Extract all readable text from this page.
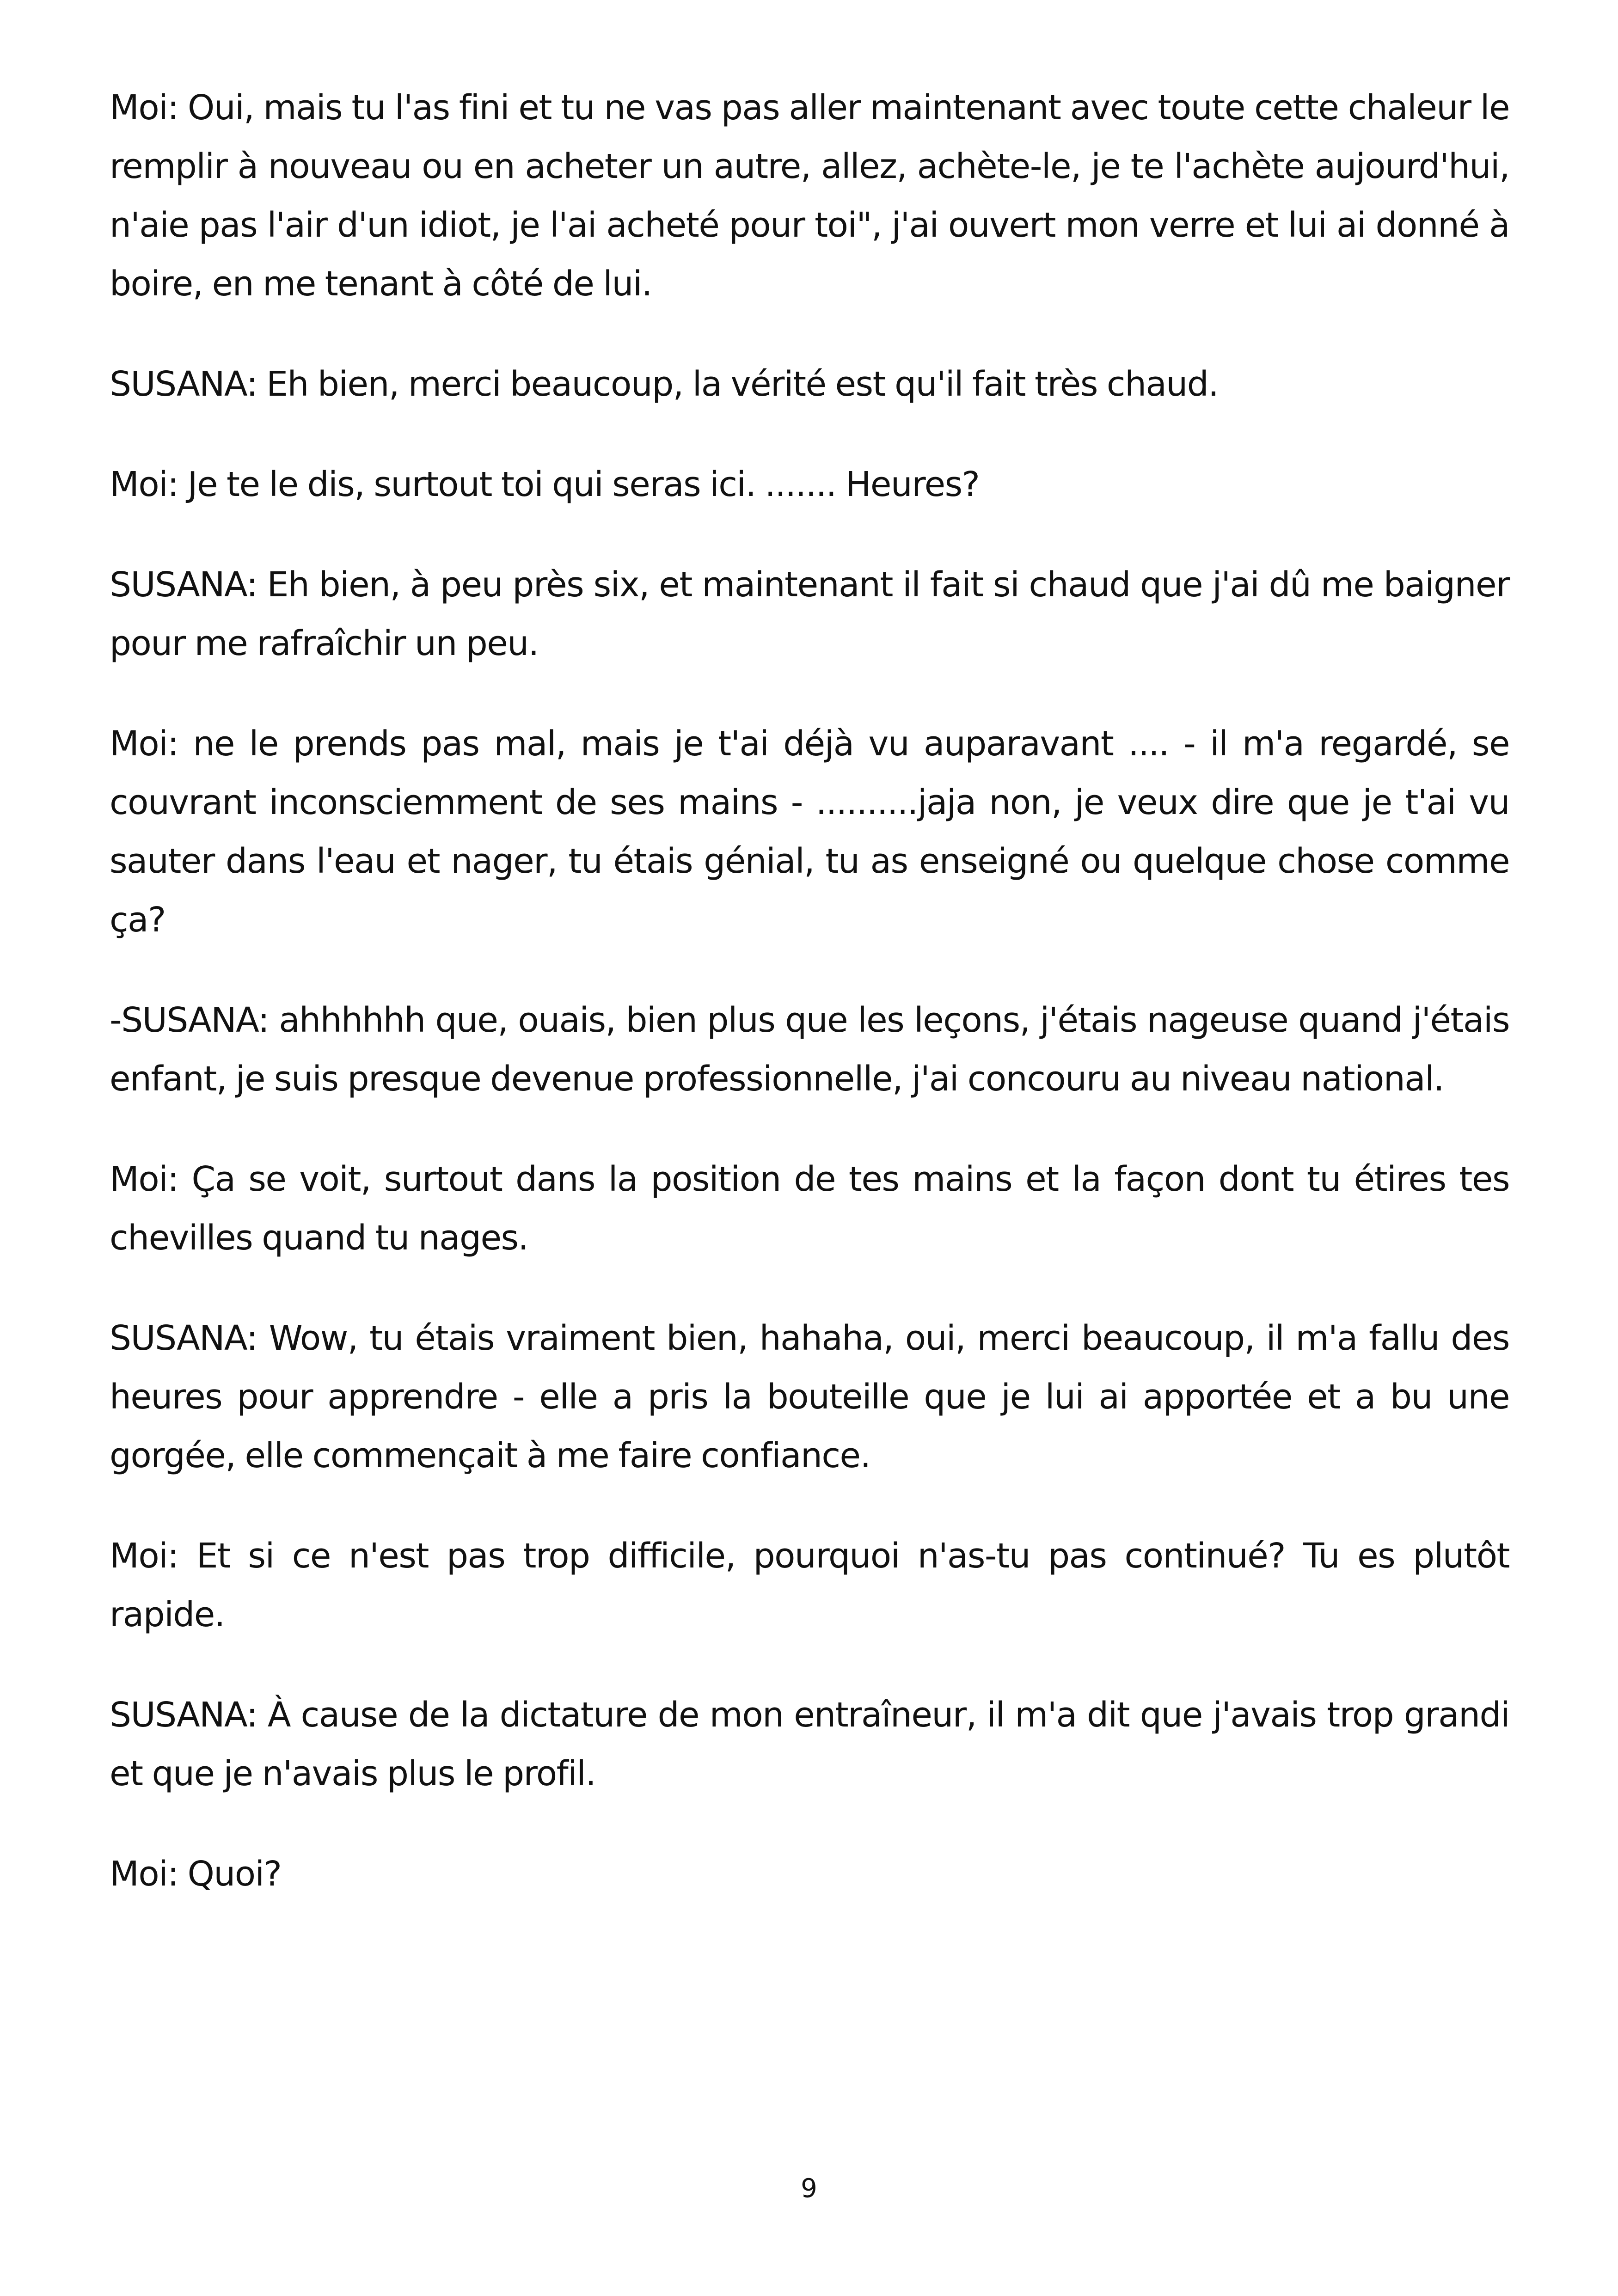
Moi: Oui, mais tu l'as fini et tu ne vas pas aller maintenant avec toute cette chaleur le remplir à nouveau ou en acheter un autre, allez, achète-le, je te l'achète aujourd'hui, n'aie pas l'air d'un idiot, je l'ai acheté pour toi", j'ai ouvert mon verre et lui ai donné à boire, en me tenant à côté de lui.

SUSANA: Eh bien, merci beaucoup, la vérité est qu'il fait très chaud.

Moi: Je te le dis, surtout toi qui seras ici. ....... Heures?

SUSANA: Eh bien, à peu près six, et maintenant il fait si chaud que j'ai dû me baigner pour me rafraîchir un peu.

Moi: ne le prends pas mal, mais je t'ai déjà vu auparavant .... - il m'a regardé, se couvrant inconsciemment de ses mains - ..........jaja non, je veux dire que je t'ai vu sauter dans l'eau et nager, tu étais génial, tu as enseigné ou quelque chose comme ça?

-SUSANA: ahhhhhh que, ouais, bien plus que les leçons, j'étais nageuse quand j'étais enfant, je suis presque devenue professionnelle, j'ai concouru au niveau national.

Moi: Ça se voit, surtout dans la position de tes mains et la façon dont tu étires tes chevilles quand tu nages.

SUSANA: Wow, tu étais vraiment bien, hahaha, oui, merci beaucoup, il m'a fallu des heures pour apprendre - elle a pris la bouteille que je lui ai apportée et a bu une gorgée, elle commençait à me faire confiance.

Moi: Et si ce n'est pas trop difficile, pourquoi n'as-tu pas continué? Tu es plutôt rapide.

SUSANA: À cause de la dictature de mon entraîneur, il m'a dit que j'avais trop grandi et que je n'avais plus le profil.

Moi: Quoi?

9
